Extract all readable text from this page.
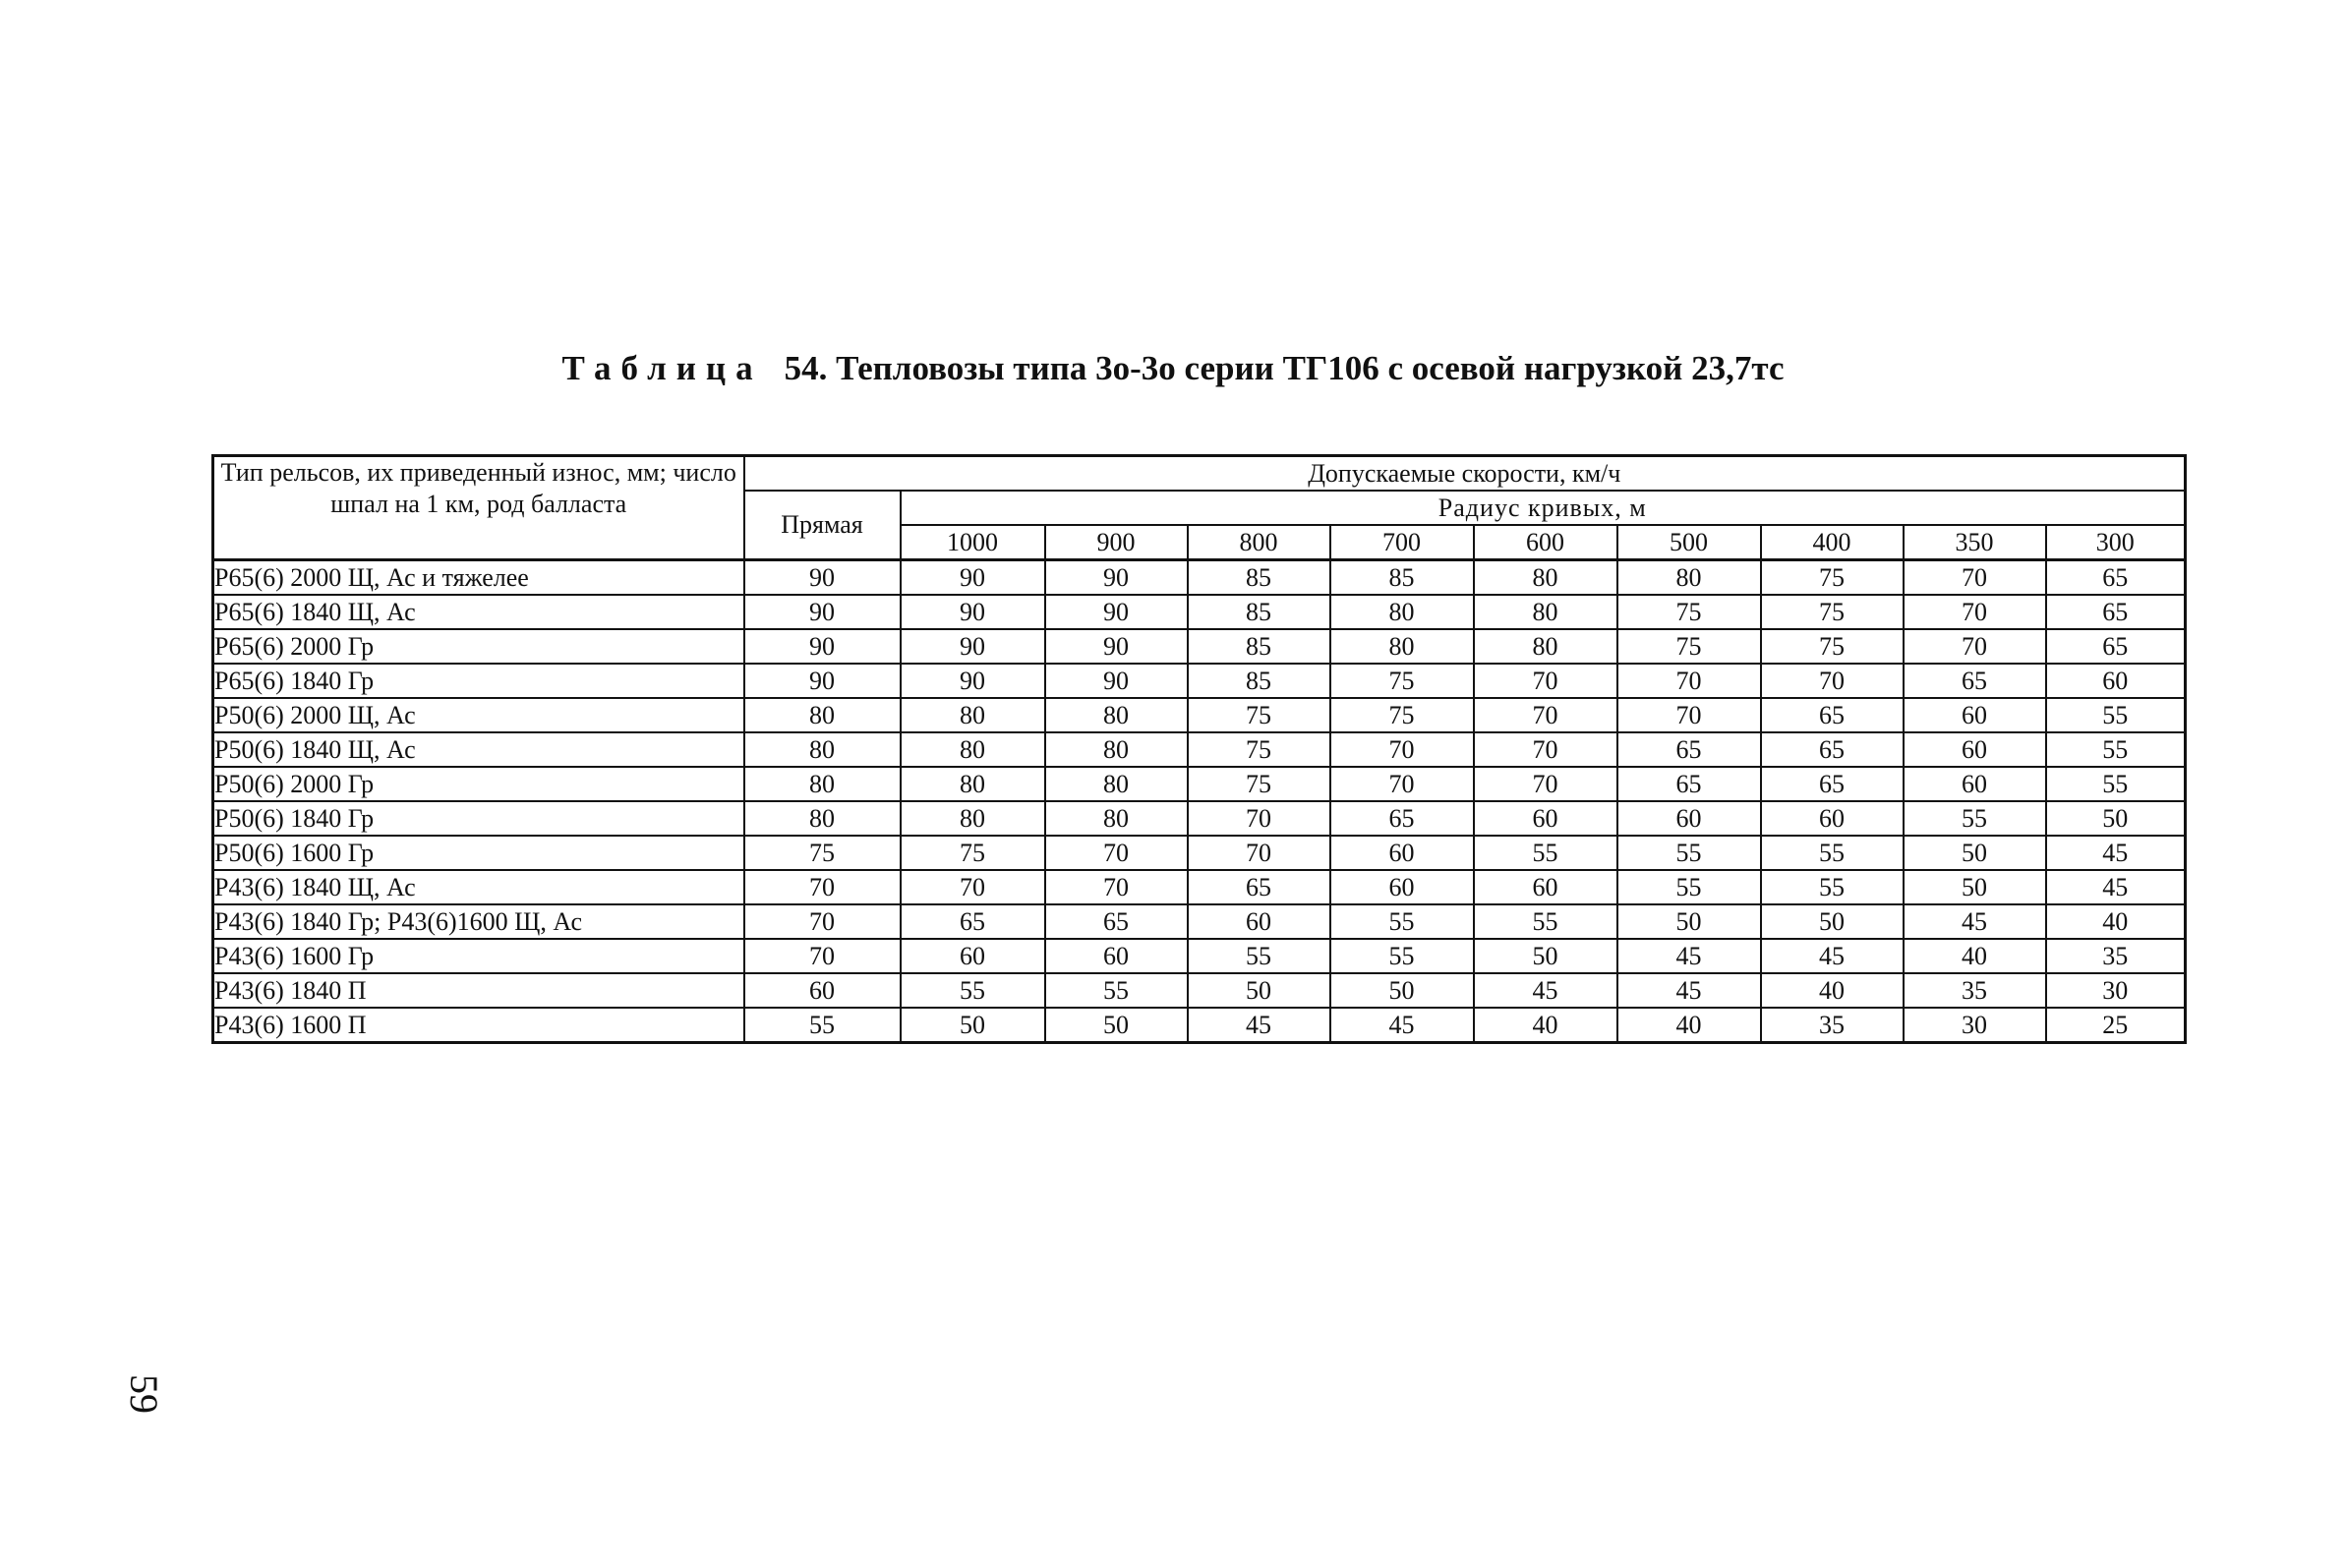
Таблица 54. Тепловозы типа 3о-3о серии ТГ106 с осевой нагрузкой 23,7тс
Тип рельсов, их приведенный износ, мм; число шпал на 1 км, род балласта	Допускаемые скорости, км/ч									
	Прямая	Радиус кривых, м								
		1000	900	800	700	600	500	400	350	300
Р65(6) 2000 Щ, Ас и тяжелее	90	90	90	85	85	80	80	75	70	65
Р65(6) 1840 Щ, Ас	90	90	90	85	80	80	75	75	70	65
Р65(6) 2000 Гр	90	90	90	85	80	80	75	75	70	65
Р65(6) 1840 Гр	90	90	90	85	75	70	70	70	65	60
Р50(6) 2000 Щ, Ас	80	80	80	75	75	70	70	65	60	55
Р50(6) 1840 Щ, Ас	80	80	80	75	70	70	65	65	60	55
Р50(6) 2000 Гр	80	80	80	75	70	70	65	65	60	55
Р50(6) 1840 Гр	80	80	80	70	65	60	60	60	55	50
Р50(6) 1600 Гр	75	75	70	70	60	55	55	55	50	45
Р43(6) 1840 Щ, Ас	70	70	70	65	60	60	55	55	50	45
Р43(6) 1840 Гр; Р43(6)1600 Щ, Ас	70	65	65	60	55	55	50	50	45	40
Р43(6) 1600 Гр	70	60	60	55	55	50	45	45	40	35
Р43(6) 1840 П	60	55	55	50	50	45	45	40	35	30
Р43(6) 1600 П	55	50	50	45	45	40	40	35	30	25
59
